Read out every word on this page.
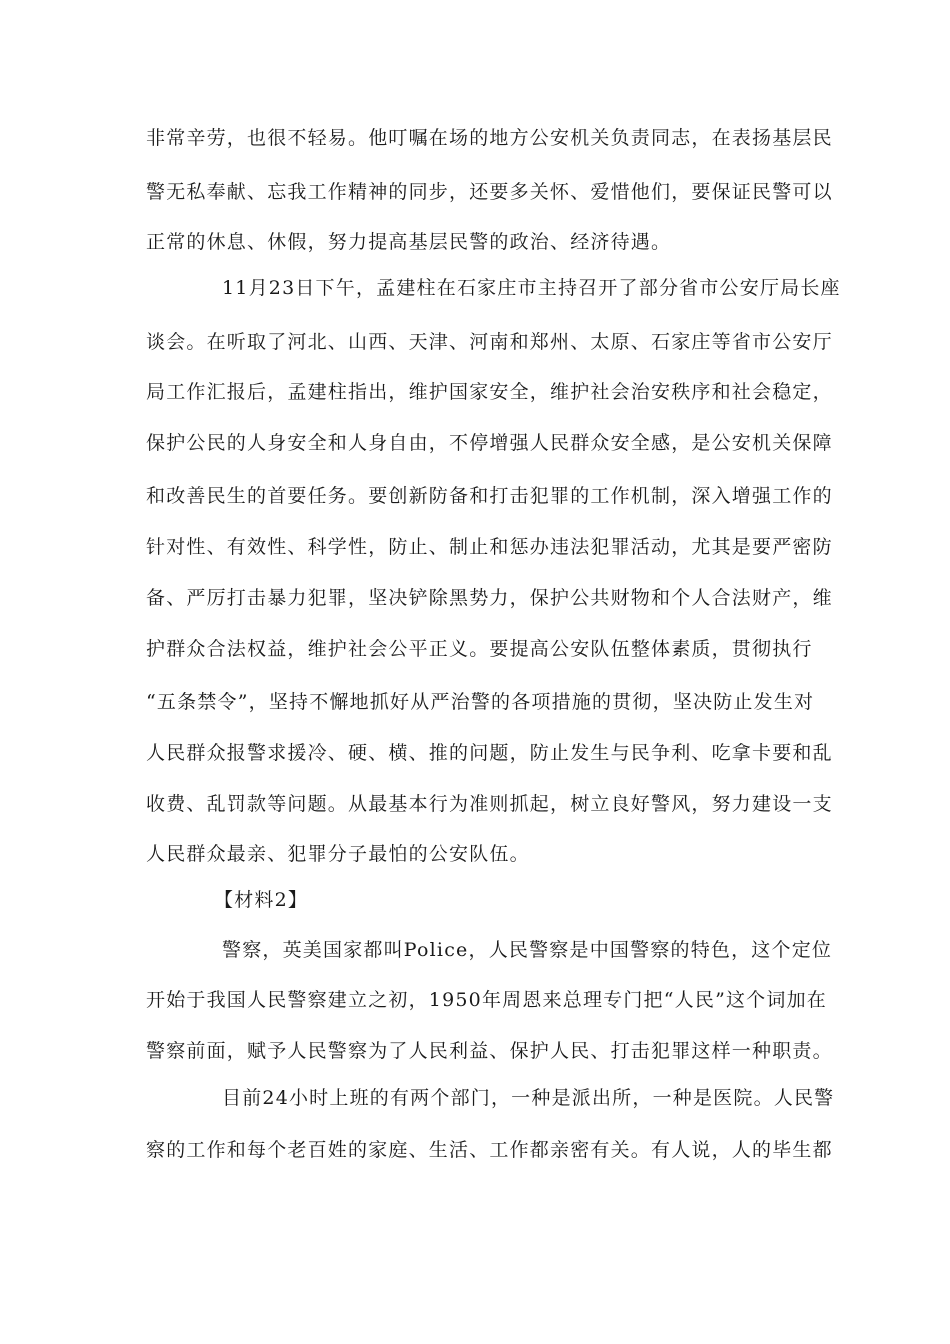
非常辛劳，也很不轻易。他叮嘱在场的地方公安机关负责同志，在表扬基层民
警无私奉献、忘我工作精神的同步，还要多关怀、爱惜他们，要保证民警可以
正常的休息、休假，努力提高基层民警的政治、经济待遇。
11月23日下午，孟建柱在石家庄市主持召开了部分省市公安厅局长座
谈会。在听取了河北、山西、天津、河南和郑州、太原、石家庄等省市公安厅
局工作汇报后，孟建柱指出，维护国家安全，维护社会治安秩序和社会稳定，
保护公民的人身安全和人身自由，不停增强人民群众安全感，是公安机关保障
和改善民生的首要任务。要创新防备和打击犯罪的工作机制，深入增强工作的
针对性、有效性、科学性，防止、制止和惩办违法犯罪活动，尤其是要严密防
备、严厉打击暴力犯罪，坚决铲除黑势力，保护公共财物和个人合法财产，维
护群众合法权益，维护社会公平正义。要提高公安队伍整体素质，贯彻执行
“五条禁令”，坚持不懈地抓好从严治警的各项措施的贯彻，坚决防止发生对
人民群众报警求援冷、硬、横、推的问题，防止发生与民争利、吃拿卡要和乱
收费、乱罚款等问题。从最基本行为准则抓起，树立良好警风，努力建设一支
人民群众最亲、犯罪分子最怕的公安队伍。
【材料2】
警察，英美国家都叫Police，人民警察是中国警察的特色，这个定位
开始于我国人民警察建立之初，1950年周恩来总理专门把“人民”这个词加在
警察前面，赋予人民警察为了人民利益、保护人民、打击犯罪这样一种职责。
目前24小时上班的有两个部门，一种是派出所，一种是医院。人民警
察的工作和每个老百姓的家庭、生活、工作都亲密有关。有人说，人的毕生都
